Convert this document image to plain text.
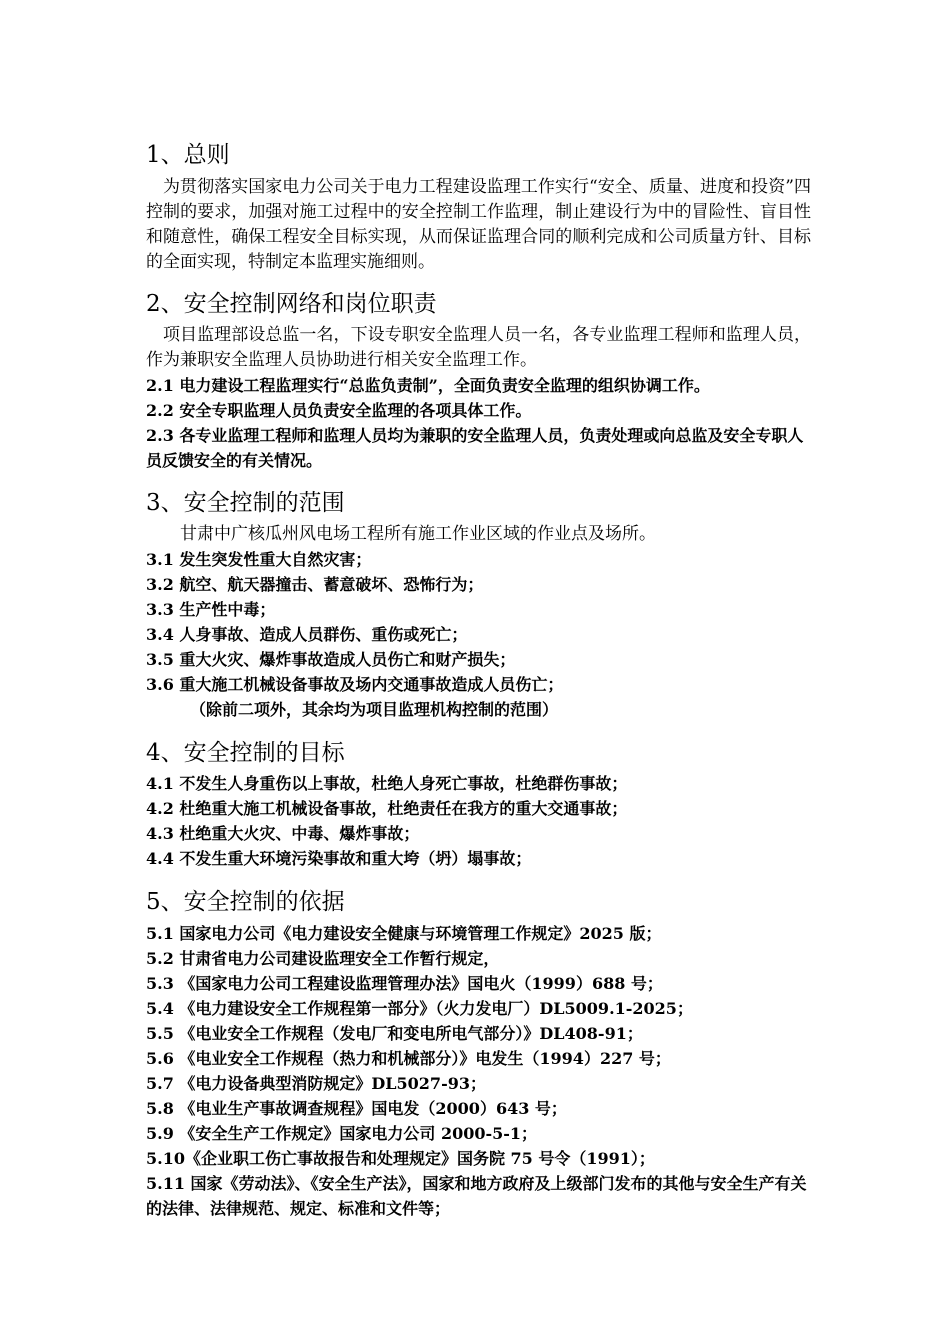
1、总则
为贯彻落实国家电力公司关于电力工程建设监理工作实行“安全、质量、进度和投资”四控制的要求，加强对施工过程中的安全控制工作监理，制止建设行为中的冒险性、盲目性和随意性，确保工程安全目标实现，从而保证监理合同的顺利完成和公司质量方针、目标的全面实现，特制定本监理实施细则。
2、安全控制网络和岗位职责
项目监理部设总监一名，下设专职安全监理人员一名，各专业监理工程师和监理人员，作为兼职安全监理人员协助进行相关安全监理工作。
2.1 电力建设工程监理实行“总监负责制”，全面负责安全监理的组织协调工作。
2.2 安全专职监理人员负责安全监理的各项具体工作。
2.3 各专业监理工程师和监理人员均为兼职的安全监理人员，负责处理或向总监及安全专职人员反馈安全的有关情况。
3、安全控制的范围
甘肃中广核瓜州风电场工程所有施工作业区域的作业点及场所。
3.1 发生突发性重大自然灾害；
3.2 航空、航天器撞击、蓄意破坏、恐怖行为；
3.3 生产性中毒；
3.4 人身事故、造成人员群伤、重伤或死亡；
3.5 重大火灾、爆炸事故造成人员伤亡和财产损失；
3.6 重大施工机械设备事故及场内交通事故造成人员伤亡；
（除前二项外，其余均为项目监理机构控制的范围）
4、安全控制的目标
4.1 不发生人身重伤以上事故，杜绝人身死亡事故，杜绝群伤事故；
4.2 杜绝重大施工机械设备事故，杜绝责任在我方的重大交通事故；
4.3 杜绝重大火灾、中毒、爆炸事故；
4.4 不发生重大环境污染事故和重大垮（坍）塌事故；
5、安全控制的依据
5.1 国家电力公司《电力建设安全健康与环境管理工作规定》2025 版；
5.2 甘肃省电力公司建设监理安全工作暂行规定，
5.3 《国家电力公司工程建设监理管理办法》国电火（1999）688 号；
5.4 《电力建设安全工作规程第一部分》（火力发电厂）DL5009.1-2025；
5.5 《电业安全工作规程（发电厂和变电所电气部分）》DL408-91；
5.6 《电业安全工作规程（热力和机械部分）》电发生（1994）227 号；
5.7 《电力设备典型消防规定》DL5027-93；
5.8 《电业生产事故调查规程》国电发（2000）643 号；
5.9 《安全生产工作规定》国家电力公司 2000-5-1；
5.10《企业职工伤亡事故报告和处理规定》国务院 75 号令（1991）；
5.11 国家《劳动法》、《安全生产法》，国家和地方政府及上级部门发布的其他与安全生产有关的法律、法律规范、规定、标准和文件等；
